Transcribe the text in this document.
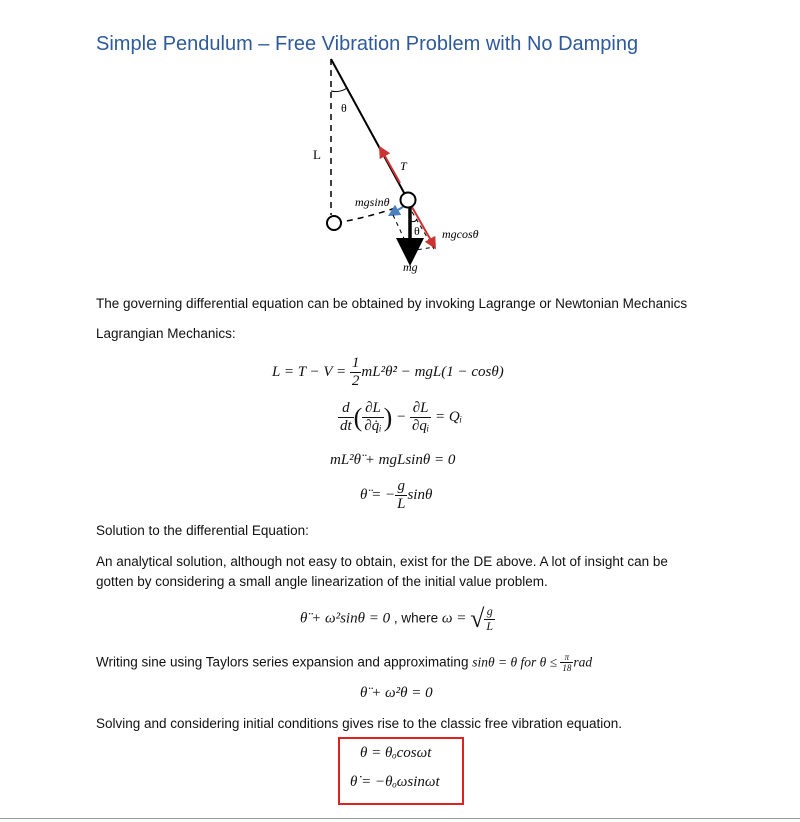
Simple Pendulum – Free Vibration Problem with No Damping
θ
L
T
mgsinθ
θ mgcosθ
mg
The governing differential equation can be obtained by invoking Lagrange or Newtonian Mechanics
Lagrangian Mechanics:
$L = T - V = \frac{1}{2}$ mL²θ̇² − mgL(1 − cosθ)
$\frac{d}{dt}$ ( $\frac{\partial L}{\text{∂q̇ᵢ}}$ ) − $\frac{\partial L}{\text{∂qᵢ}}$ = Qᵢ
mL²θ̈ + mgLsinθ = 0
θ̈ = − $\frac{g}{L}$ sinθ
Solution to the differential Equation:
An analytical solution, although not easy to obtain, exist for the DE above. A lot of insight can be
gotten by considering a small angle linearization of the initial value problem.
θ̈ + ω²sinθ = 0 , where ω = √ $\frac{g}{L}$
Writing sine using Taylors series expansion and approximating sinθ = θ for $\theta \le \frac{\pi}{18}$ rad
θ̈ + ω²θ = 0
Solving and considering initial conditions gives rise to the classic free vibration equation.
θ = θₒcosωt
θ̇ = −θₒωsinωt
